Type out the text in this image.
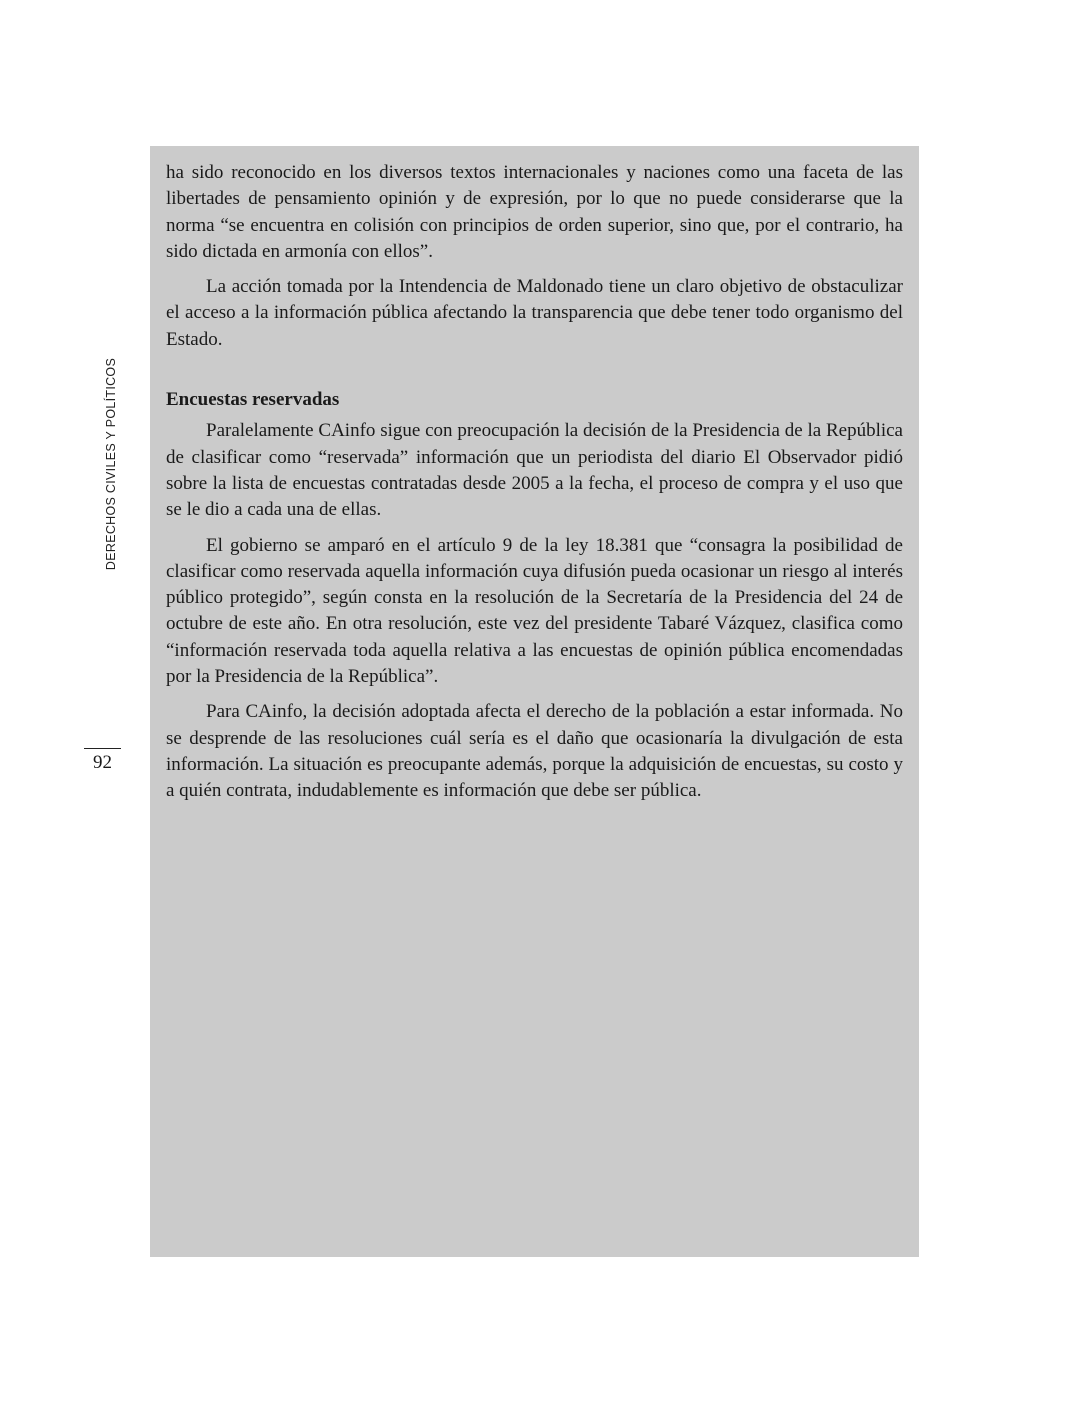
DERECHOS CIVILES Y POLÍTICOS
92

ha sido reconocido en los diversos textos internacionales y naciones como una faceta de las libertades de pensamiento opinión y de expresión, por lo que no puede considerarse que la norma “se encuentra en colisión con principios de orden superior, sino que, por el contrario, ha sido dictada en armonía con ellos”.

La acción tomada por la Intendencia de Maldonado tiene un claro objetivo de obstaculizar el acceso a la información pública afectando la transparencia que debe tener todo organismo del Estado.

Encuestas reservadas

Paralelamente CAinfo sigue con preocupación la decisión de la Presidencia de la República de clasificar como “reservada” información que un periodista del diario El Observador pidió sobre la lista de encuestas contratadas desde 2005 a la fecha, el proceso de compra y el uso que se le dio a cada una de ellas.

El gobierno se amparó en el artículo 9 de la ley 18.381 que “consagra la posibilidad de clasificar como reservada aquella información cuya difusión pueda ocasionar un riesgo al interés público protegido”, según consta en la resolución de la Secretaría de la Presidencia del 24 de octubre de este año. En otra resolución, este vez del presidente Tabaré Vázquez, clasifica como “información reservada toda aquella relativa a las encuestas de opinión pública encomendadas por la Presidencia de la República”.

Para CAinfo, la decisión adoptada afecta el derecho de la población a estar informada. No se desprende de las resoluciones cuál sería es el daño que ocasionaría la divulgación de esta información. La situación es preocupante además, porque la adquisición de encuestas, su costo y a quién contrata, indudablemente es información que debe ser pública.
